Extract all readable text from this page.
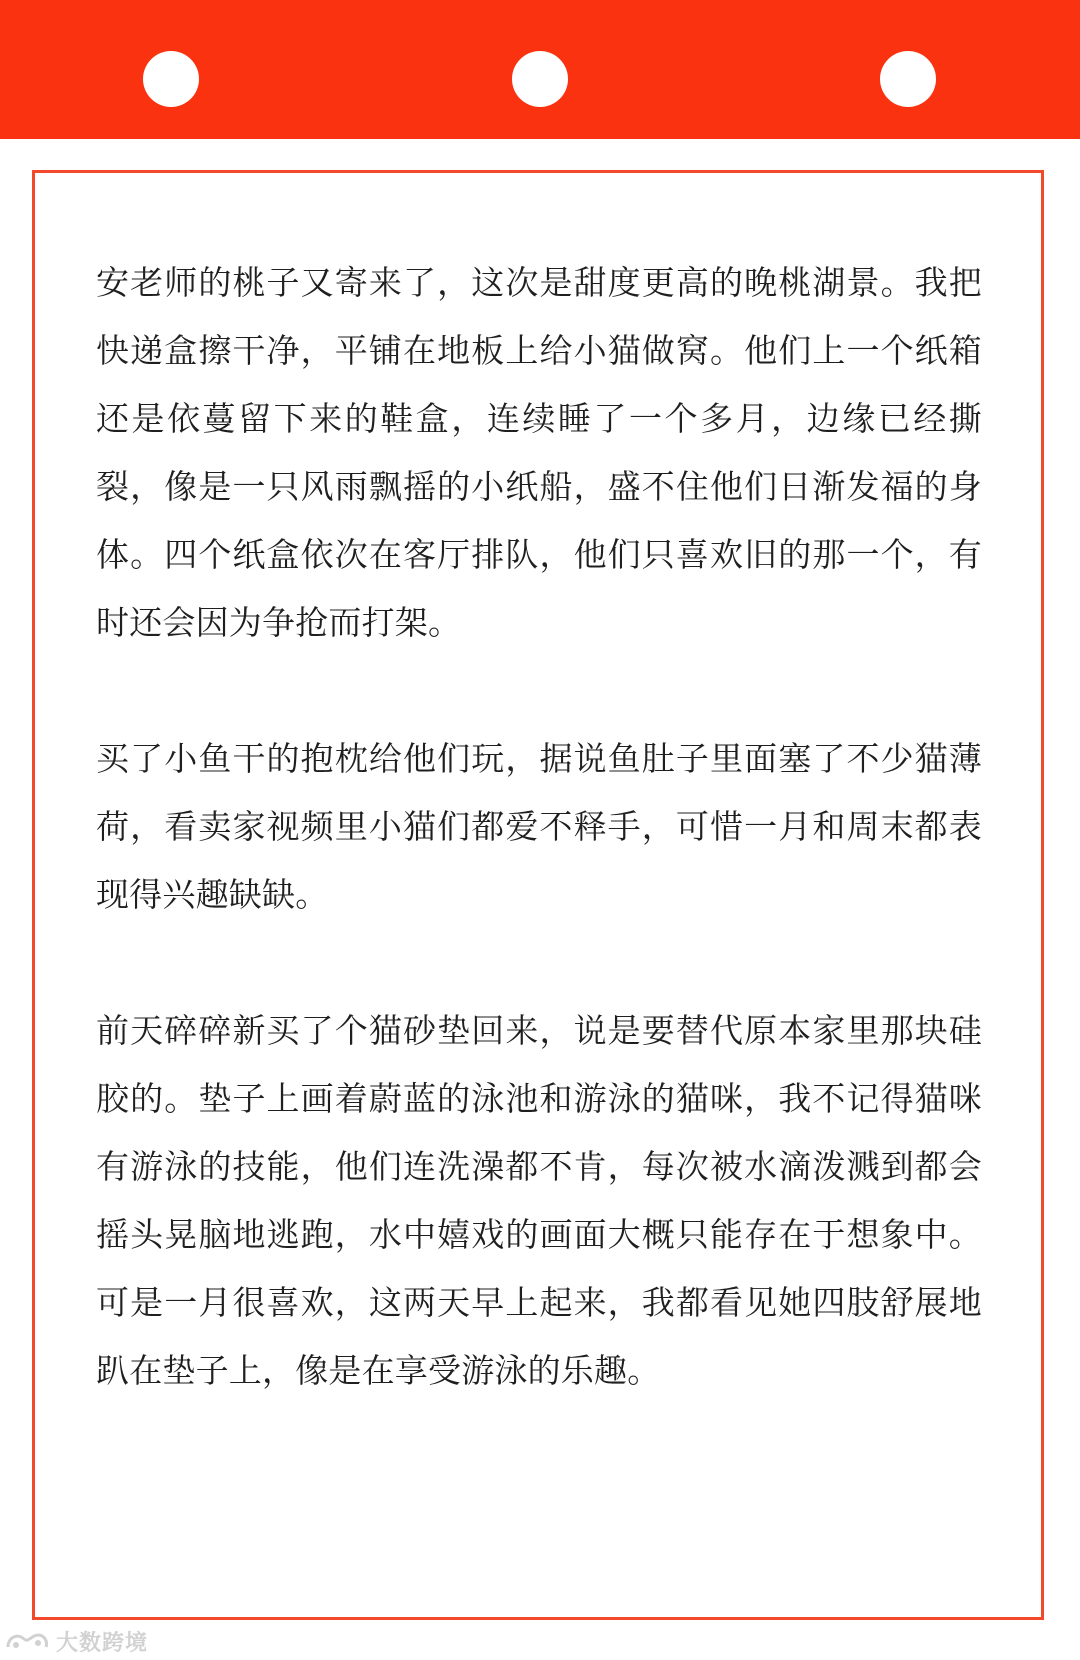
安老师的桃子又寄来了，这次是甜度更高的晚桃湖景。我把快递盒擦干净，平铺在地板上给小猫做窝。他们上一个纸箱还是依蔓留下来的鞋盒，连续睡了一个多月，边缘已经撕裂，像是一只风雨飘摇的小纸船，盛不住他们日渐发福的身体。四个纸盒依次在客厅排队，他们只喜欢旧的那一个，有时还会因为争抢而打架。

买了小鱼干的抱枕给他们玩，据说鱼肚子里面塞了不少猫薄荷，看卖家视频里小猫们都爱不释手，可惜一月和周末都表现得兴趣缺缺。

前天碎碎新买了个猫砂垫回来，说是要替代原本家里那块硅胶的。垫子上画着蔚蓝的泳池和游泳的猫咪，我不记得猫咪有游泳的技能，他们连洗澡都不肯，每次被水滴泼溅到都会摇头晃脑地逃跑，水中嬉戏的画面大概只能存在于想象中。可是一月很喜欢，这两天早上起来，我都看见她四肢舒展地趴在垫子上，像是在享受游泳的乐趣。

大数跨境
